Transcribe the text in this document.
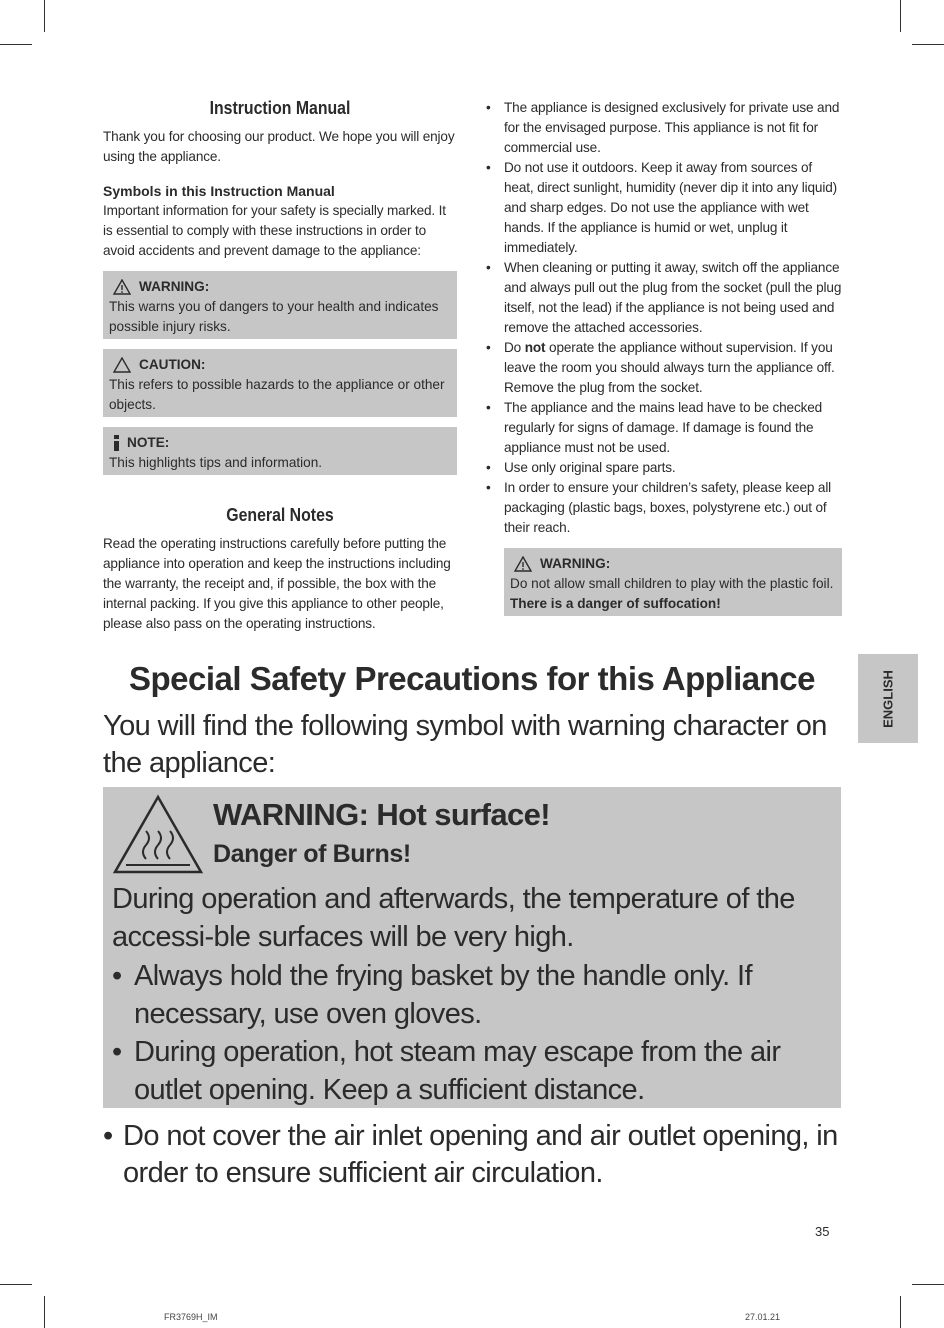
Instruction Manual

Thank you for choosing our product. We hope you will enjoy using the appliance.

Symbols in this Instruction Manual

Important information for your safety is specially marked. It is essential to comply with these instructions in order to avoid accidents and prevent damage to the appliance:

WARNING:
This warns you of dangers to your health and indicates possible injury risks.
CAUTION:
This refers to possible hazards to the appliance or other objects.
NOTE:
This highlights tips and information.
General Notes

Read the operating instructions carefully before putting the appliance into operation and keep the instructions including the warranty, the receipt and, if possible, the box with the internal packing. If you give this appliance to other people, please also pass on the operating instructions.

• The appliance is designed exclusively for private use and for the envisaged purpose. This appliance is not fit for commercial use.
• Do not use it outdoors. Keep it away from sources of heat, direct sunlight, humidity (never dip it into any liquid) and sharp edges. Do not use the appliance with wet hands. If the appliance is humid or wet, unplug it immediately.
• When cleaning or putting it away, switch off the appliance and always pull out the plug from the socket (pull the plug itself, not the lead) if the appliance is not being used and remove the attached accessories.
• Do not operate the appliance without supervision. If you leave the room you should always turn the appliance off. Remove the plug from the socket.
• The appliance and the mains lead have to be checked regularly for signs of damage. If damage is found the appliance must not be used.
• Use only original spare parts.
• In order to ensure your children’s safety, please keep all packaging (plastic bags, boxes, polystyrene etc.) out of their reach.
WARNING:
Do not allow small children to play with the plastic foil.
There is a danger of suffocation!
Special Safety Precautions for this Appliance

You will find the following symbol with warning character on the appliance:

WARNING: Hot surface!
Danger of Burns!

During operation and afterwards, the temperature of the accessi-ble surfaces will be very high.

• Always hold the frying basket by the handle only. If necessary, use oven gloves.
• During operation, hot steam may escape from the air outlet opening. Keep a sufficient distance.
• Do not cover the air inlet opening and air outlet opening, in order to ensure sufficient air circulation.
ENGLISH
35
FR3769H_IM	27.01.21
